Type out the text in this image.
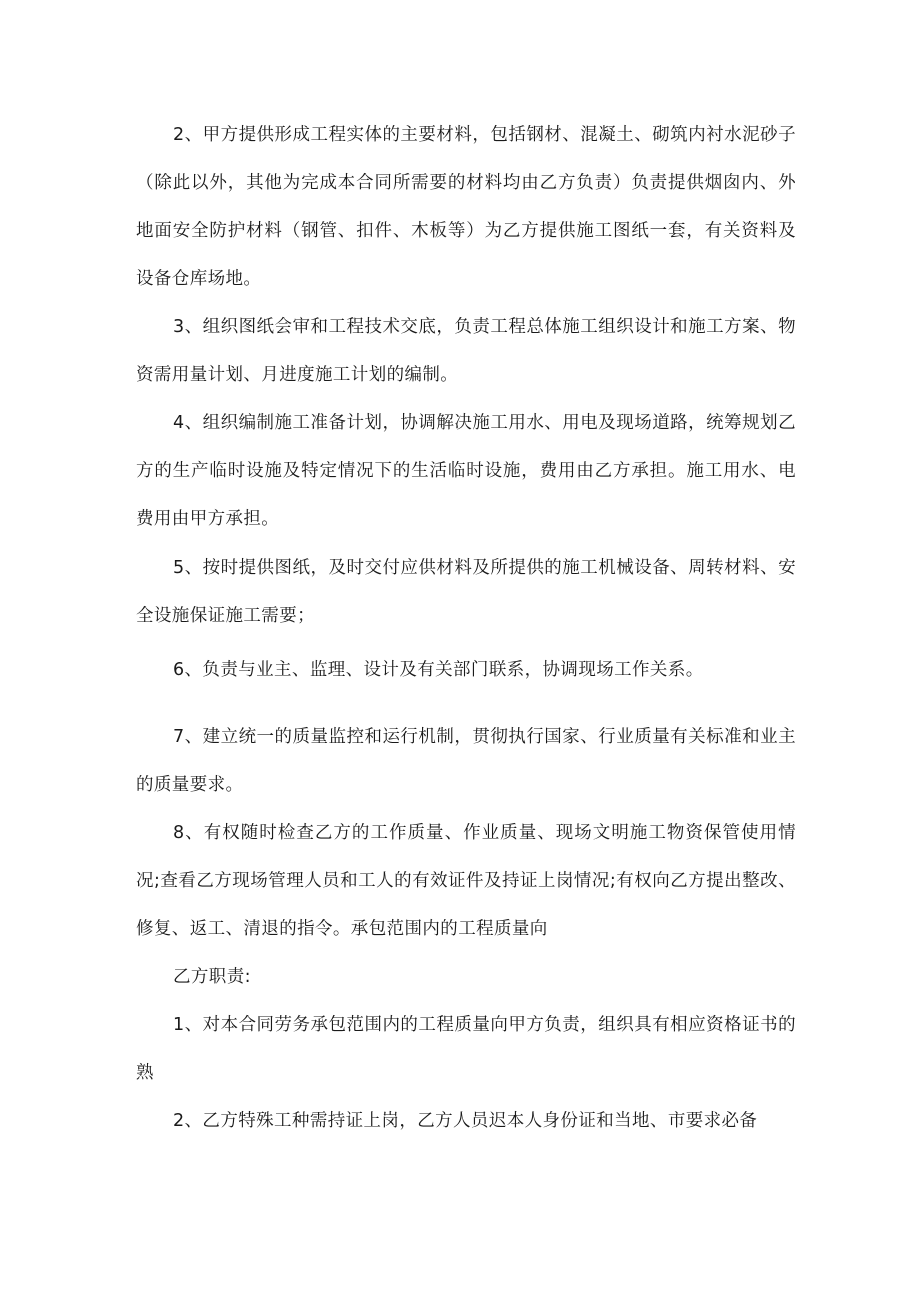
2、甲方提供形成工程实体的主要材料，包括钢材、混凝土、砌筑内衬水泥砂子（除此以外，其他为完成本合同所需要的材料均由乙方负责）负责提供烟囱内、外地面安全防护材料（钢管、扣件、木板等）为乙方提供施工图纸一套，有关资料及设备仓库场地。

3、组织图纸会审和工程技术交底，负责工程总体施工组织设计和施工方案、物资需用量计划、月进度施工计划的编制。

4、组织编制施工准备计划，协调解决施工用水、用电及现场道路，统筹规划乙方的生产临时设施及特定情况下的生活临时设施，费用由乙方承担。施工用水、电费用由甲方承担。

5、按时提供图纸，及时交付应供材料及所提供的施工机械设备、周转材料、安全设施保证施工需要；

6、负责与业主、监理、设计及有关部门联系，协调现场工作关系。

7、建立统一的质量监控和运行机制，贯彻执行国家、行业质量有关标准和业主的质量要求。

8、有权随时检查乙方的工作质量、作业质量、现场文明施工物资保管使用情况;查看乙方现场管理人员和工人的有效证件及持证上岗情况;有权向乙方提出整改、修复、返工、清退的指令。承包范围内的工程质量向

乙方职责:

1、对本合同劳务承包范围内的工程质量向甲方负责，组织具有相应资格证书的熟

2、乙方特殊工种需持证上岗，乙方人员迟本人身份证和当地、市要求必备
